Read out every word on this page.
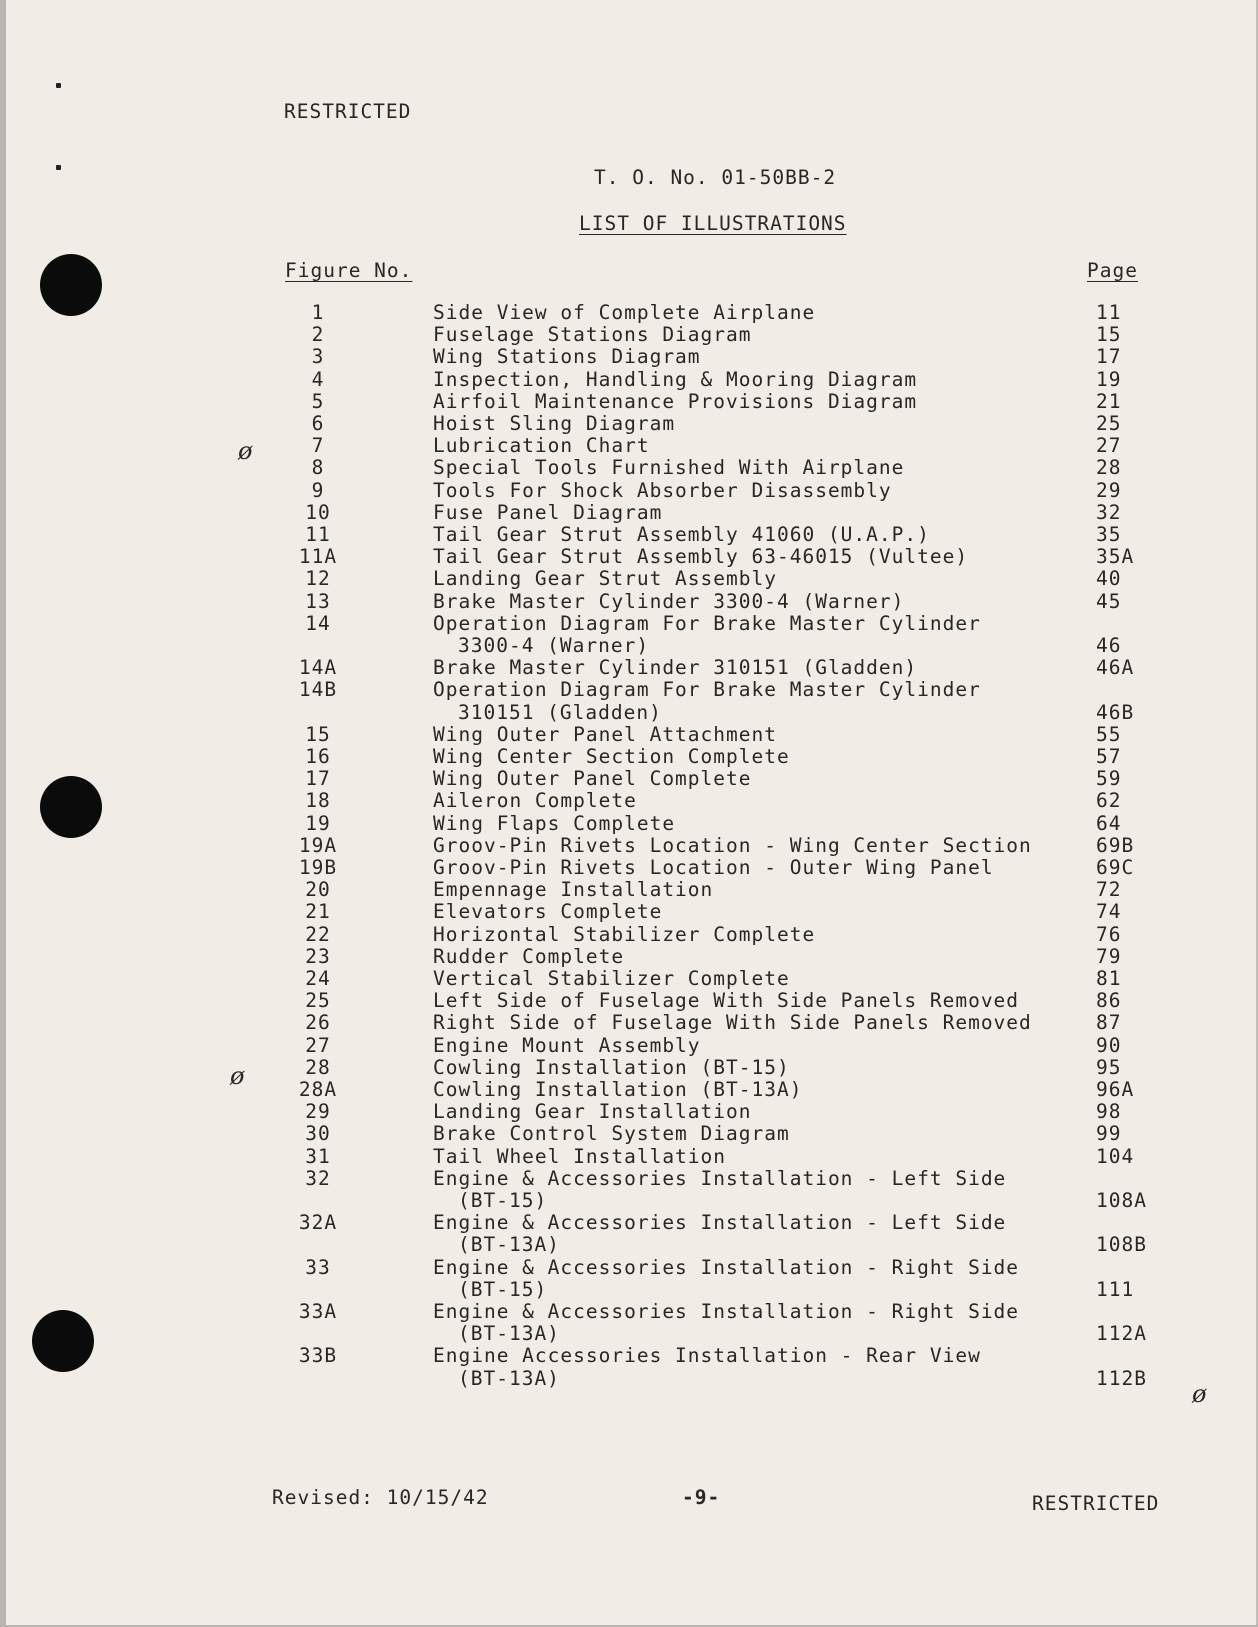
RESTRICTED
T. O. No. 01-50BB-2
LIST OF ILLUSTRATIONS
Figure No.	Page
1	Side View of Complete Airplane	11
2	Fuselage Stations Diagram	15
3	Wing Stations Diagram	17
4	Inspection, Handling & Mooring Diagram	19
5	Airfoil Maintenance Provisions Diagram	21
6	Hoist Sling Diagram	25
7	Lubrication Chart	27
8	Special Tools Furnished With Airplane	28
9	Tools For Shock Absorber Disassembly	29
10	Fuse Panel Diagram	32
11	Tail Gear Strut Assembly 41060 (U.A.P.)	35
11A	Tail Gear Strut Assembly 63-46015 (Vultee)	35A
12	Landing Gear Strut Assembly	40
13	Brake Master Cylinder 3300-4 (Warner)	45
14	Operation Diagram For Brake Master Cylinder
3300-4 (Warner)	46
14A	Brake Master Cylinder 310151 (Gladden)	46A
14B	Operation Diagram For Brake Master Cylinder
310151 (Gladden)	46B
15	Wing Outer Panel Attachment	55
16	Wing Center Section Complete	57
17	Wing Outer Panel Complete	59
18	Aileron Complete	62
19	Wing Flaps Complete	64
19A	Groov-Pin Rivets Location - Wing Center Section	69B
19B	Groov-Pin Rivets Location - Outer Wing Panel	69C
20	Empennage Installation	72
21	Elevators Complete	74
22	Horizontal Stabilizer Complete	76
23	Rudder Complete	79
24	Vertical Stabilizer Complete	81
25	Left Side of Fuselage With Side Panels Removed	86
26	Right Side of Fuselage With Side Panels Removed	87
27	Engine Mount Assembly	90
28	Cowling Installation (BT-15)	95
28A	Cowling Installation (BT-13A)	96A
29	Landing Gear Installation	98
30	Brake Control System Diagram	99
31	Tail Wheel Installation	104
32	Engine & Accessories Installation - Left Side
(BT-15)	108A
32A	Engine & Accessories Installation - Left Side
(BT-13A)	108B
33	Engine & Accessories Installation - Right Side
(BT-15)	111
33A	Engine & Accessories Installation - Right Side
(BT-13A)	112A
33B	Engine Accessories Installation - Rear View
(BT-13A)	112B
ø
ø
ø
Revised: 10/15/42	-9-	RESTRICTED
